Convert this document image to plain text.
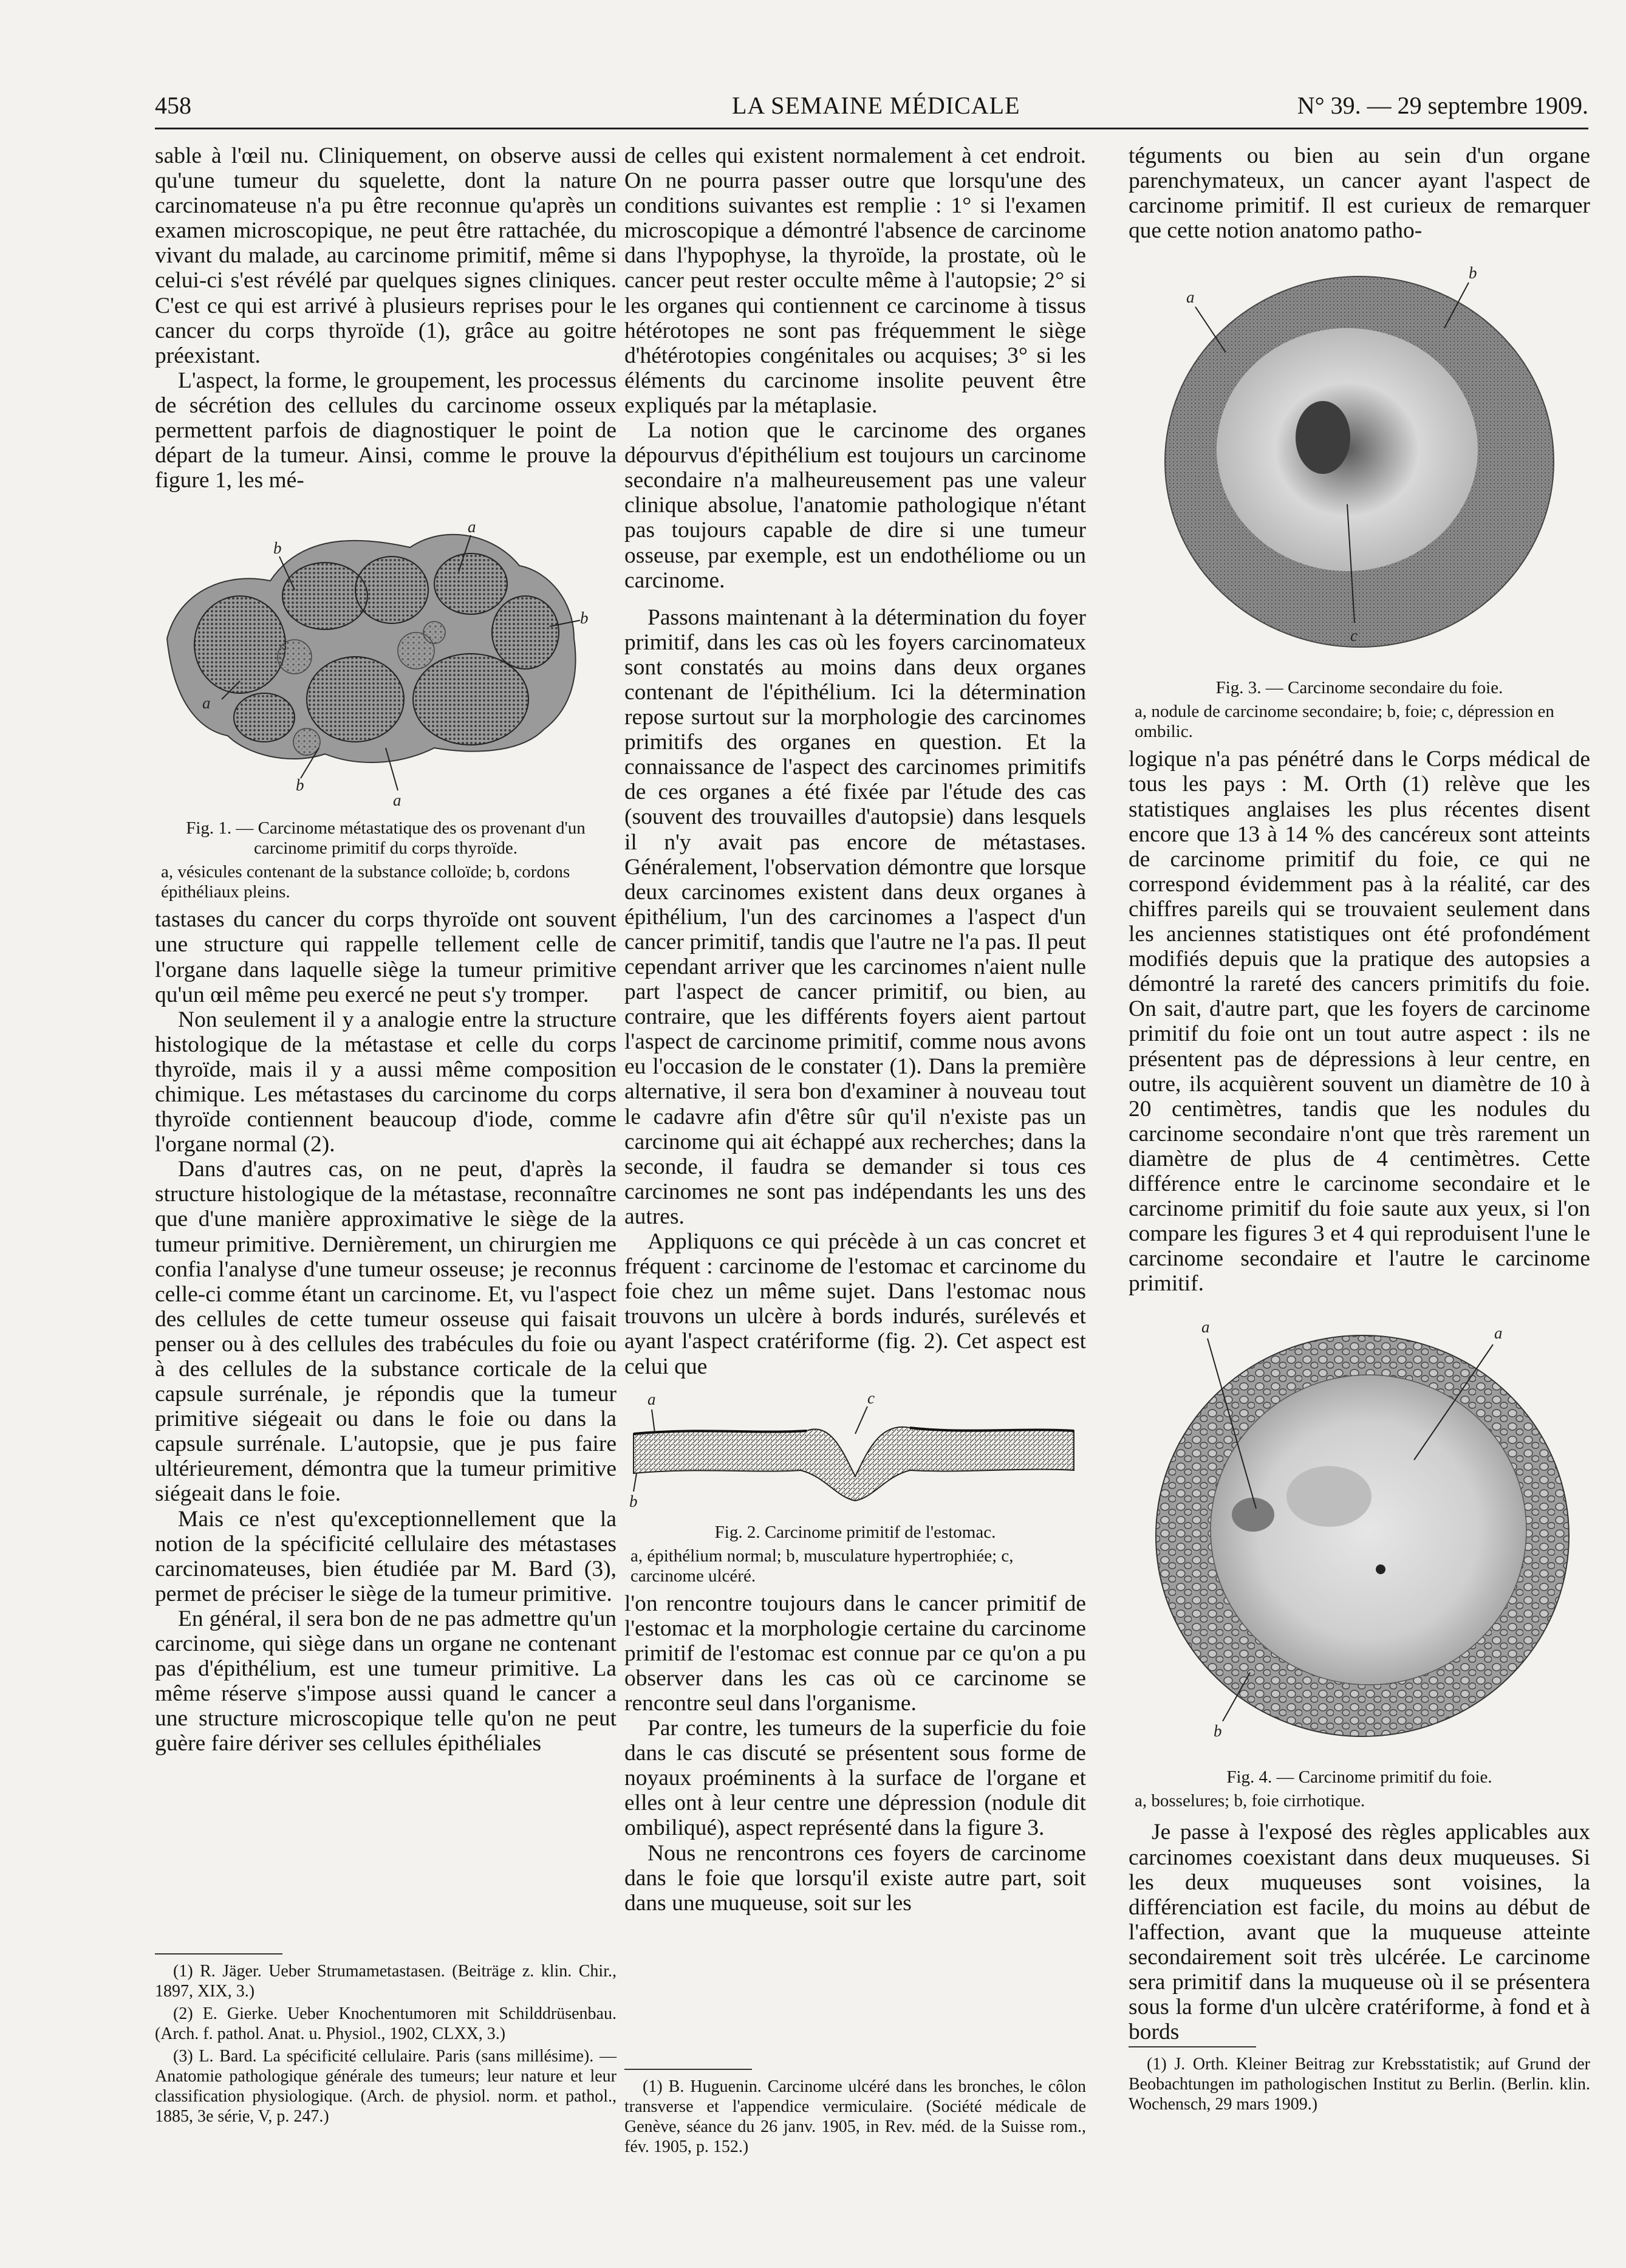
458	LA SEMAINE MÉDICALE	N° 39. — 29 septembre 1909.

sable à l'œil nu. Cliniquement, on observe aussi qu'une tumeur du squelette, dont la nature carcinomateuse n'a pu être reconnue qu'après un examen microscopique, ne peut être rattachée, du vivant du malade, au carcinome primitif, même si celui-ci s'est révélé par quelques signes cliniques. C'est ce qui est arrivé à plusieurs reprises pour le cancer du corps thyroïde (1), grâce au goitre préexistant.

L'aspect, la forme, le groupement, les processus de sécrétion des cellules du carcinome osseux permettent parfois de diagnostiquer le point de départ de la tumeur. Ainsi, comme le prouve la figure 1, les mé-

b
a
b
a
b
a
Fig. 1. — Carcinome métastatique des os provenant d'un carcinome primitif du corps thyroïde.
a, vésicules contenant de la substance colloïde; b, cordons épithéliaux pleins.

tastases du cancer du corps thyroïde ont souvent une structure qui rappelle tellement celle de l'organe dans laquelle siège la tumeur primitive qu'un œil même peu exercé ne peut s'y tromper.

Non seulement il y a analogie entre la structure histologique de la métastase et celle du corps thyroïde, mais il y a aussi même composition chimique. Les métastases du carcinome du corps thyroïde contiennent beaucoup d'iode, comme l'organe normal (2).

Dans d'autres cas, on ne peut, d'après la structure histologique de la métastase, reconnaître que d'une manière approximative le siège de la tumeur primitive. Dernièrement, un chirurgien me confia l'analyse d'une tumeur osseuse; je reconnus celle-ci comme étant un carcinome. Et, vu l'aspect des cellules de cette tumeur osseuse qui faisait penser ou à des cellules des trabécules du foie ou à des cellules de la substance corticale de la capsule surrénale, je répondis que la tumeur primitive siégeait ou dans le foie ou dans la capsule surrénale. L'autopsie, que je pus faire ultérieurement, démontra que la tumeur primitive siégeait dans le foie.

Mais ce n'est qu'exceptionnellement que la notion de la spécificité cellulaire des métastases carcinomateuses, bien étudiée par M. Bard (3), permet de préciser le siège de la tumeur primitive.

En général, il sera bon de ne pas admettre qu'un carcinome, qui siège dans un organe ne contenant pas d'épithélium, est une tumeur primitive. La même réserve s'impose aussi quand le cancer a une structure microscopique telle qu'on ne peut guère faire dériver ses cellules épithéliales

(1) R. Jäger. Ueber Strumametastasen. (Beiträge z. klin. Chir., 1897, XIX, 3.)

(2) E. Gierke. Ueber Knochentumoren mit Schilddrüsenbau. (Arch. f. pathol. Anat. u. Physiol., 1902, CLXX, 3.)

(3) L. Bard. La spécificité cellulaire. Paris (sans millésime). — Anatomie pathologique générale des tumeurs; leur nature et leur classification physiologique. (Arch. de physiol. norm. et pathol., 1885, 3e série, V, p. 247.)

de celles qui existent normalement à cet endroit. On ne pourra passer outre que lorsqu'une des conditions suivantes est remplie : 1° si l'examen microscopique a démontré l'absence de carcinome dans l'hypophyse, la thyroïde, la prostate, où le cancer peut rester occulte même à l'autopsie; 2° si les organes qui contiennent ce carcinome à tissus hétérotopes ne sont pas fréquemment le siège d'hétérotopies congénitales ou acquises; 3° si les éléments du carcinome insolite peuvent être expliqués par la métaplasie.

La notion que le carcinome des organes dépourvus d'épithélium est toujours un carcinome secondaire n'a malheureusement pas une valeur clinique absolue, l'anatomie pathologique n'étant pas toujours capable de dire si une tumeur osseuse, par exemple, est un endothéliome ou un carcinome.

Passons maintenant à la détermination du foyer primitif, dans les cas où les foyers carcinomateux sont constatés au moins dans deux organes contenant de l'épithélium. Ici la détermination repose surtout sur la morphologie des carcinomes primitifs des organes en question. Et la connaissance de l'aspect des carcinomes primitifs de ces organes a été fixée par l'étude des cas (souvent des trouvailles d'autopsie) dans lesquels il n'y avait pas encore de métastases. Généralement, l'observation démontre que lorsque deux carcinomes existent dans deux organes à épithélium, l'un des carcinomes a l'aspect d'un cancer primitif, tandis que l'autre ne l'a pas. Il peut cependant arriver que les carcinomes n'aient nulle part l'aspect de cancer primitif, ou bien, au contraire, que les différents foyers aient partout l'aspect de carcinome primitif, comme nous avons eu l'occasion de le constater (1). Dans la première alternative, il sera bon d'examiner à nouveau tout le cadavre afin d'être sûr qu'il n'existe pas un carcinome qui ait échappé aux recherches; dans la seconde, il faudra se demander si tous ces carcinomes ne sont pas indépendants les uns des autres.

Appliquons ce qui précède à un cas concret et fréquent : carcinome de l'estomac et carcinome du foie chez un même sujet. Dans l'estomac nous trouvons un ulcère à bords indurés, surélevés et ayant l'aspect cratériforme (fig. 2). Cet aspect est celui que

a	c
b
Fig. 2. Carcinome primitif de l'estomac.
a, épithélium normal; b, musculature hypertrophiée; c, carcinome ulcéré.

l'on rencontre toujours dans le cancer primitif de l'estomac et la morphologie certaine du carcinome primitif de l'estomac est connue par ce qu'on a pu observer dans les cas où ce carcinome se rencontre seul dans l'organisme.

Par contre, les tumeurs de la superficie du foie dans le cas discuté se présentent sous forme de noyaux proéminents à la surface de l'organe et elles ont à leur centre une dépression (nodule dit ombiliqué), aspect représenté dans la figure 3.

Nous ne rencontrons ces foyers de carcinome dans le foie que lorsqu'il existe autre part, soit dans une muqueuse, soit sur les

(1) B. Huguenin. Carcinome ulcéré dans les bronches, le côlon transverse et l'appendice vermiculaire. (Société médicale de Genève, séance du 26 janv. 1905, in Rev. méd. de la Suisse rom., fév. 1905, p. 152.)

téguments ou bien au sein d'un organe parenchymateux, un cancer ayant l'aspect de carcinome primitif. Il est curieux de remarquer que cette notion anatomo patho-

a
b
c
Fig. 3. — Carcinome secondaire du foie.
a, nodule de carcinome secondaire; b, foie; c, dépression en ombilic.

logique n'a pas pénétré dans le Corps médical de tous les pays : M. Orth (1) relève que les statistiques anglaises les plus récentes disent encore que 13 à 14 % des cancéreux sont atteints de carcinome primitif du foie, ce qui ne correspond évidemment pas à la réalité, car des chiffres pareils qui se trouvaient seulement dans les anciennes statistiques ont été profondément modifiés depuis que la pratique des autopsies a démontré la rareté des cancers primitifs du foie. On sait, d'autre part, que les foyers de carcinome primitif du foie ont un tout autre aspect : ils ne présentent pas de dépressions à leur centre, en outre, ils acquièrent souvent un diamètre de 10 à 20 centimètres, tandis que les nodules du carcinome secondaire n'ont que très rarement un diamètre de plus de 4 centimètres. Cette différence entre le carcinome secondaire et le carcinome primitif du foie saute aux yeux, si l'on compare les figures 3 et 4 qui reproduisent l'une le carcinome secondaire et l'autre le carcinome primitif.

a	a
b
Fig. 4. — Carcinome primitif du foie.
a, bosselures; b, foie cirrhotique.

Je passe à l'exposé des règles applicables aux carcinomes coexistant dans deux muqueuses. Si les deux muqueuses sont voisines, la différenciation est facile, du moins au début de l'affection, avant que la muqueuse atteinte secondairement soit très ulcérée. Le carcinome sera primitif dans la muqueuse où il se présentera sous la forme d'un ulcère cratériforme, à fond et à bords

(1) J. Orth. Kleiner Beitrag zur Krebsstatistik; auf Grund der Beobachtungen im pathologischen Institut zu Berlin. (Berlin. klin. Wochensch, 29 mars 1909.)
